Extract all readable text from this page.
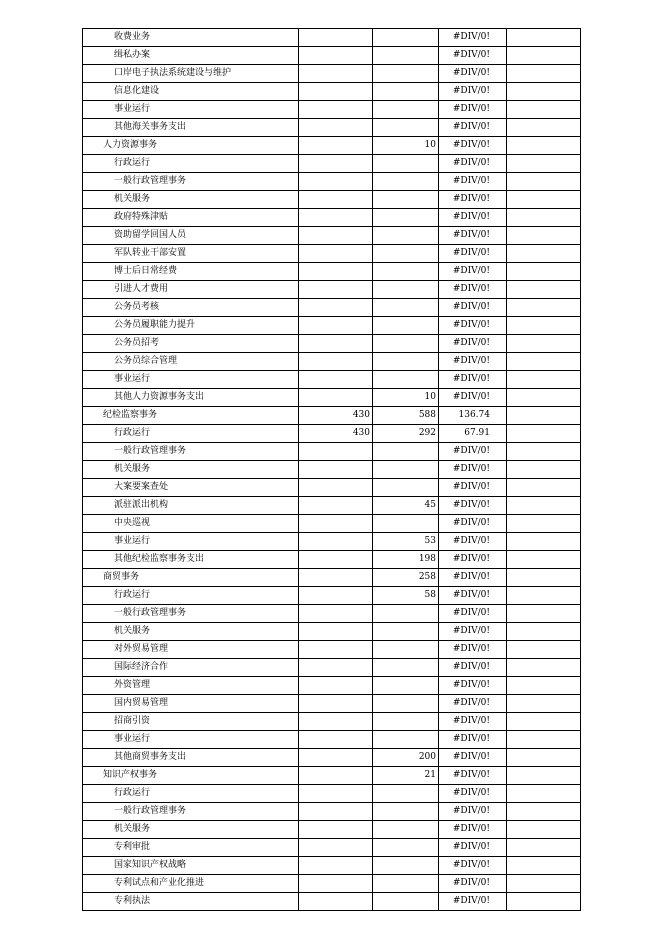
收费业务			#DIV/0!	
缉私办案			#DIV/0!	
口岸电子执法系统建设与维护			#DIV/0!	
信息化建设			#DIV/0!	
事业运行			#DIV/0!	
其他海关事务支出			#DIV/0!	
人力资源事务		10	#DIV/0!	
行政运行			#DIV/0!	
一般行政管理事务			#DIV/0!	
机关服务			#DIV/0!	
政府特殊津贴			#DIV/0!	
资助留学回国人员			#DIV/0!	
军队转业干部安置			#DIV/0!	
博士后日常经费			#DIV/0!	
引进人才费用			#DIV/0!	
公务员考核			#DIV/0!	
公务员履职能力提升			#DIV/0!	
公务员招考			#DIV/0!	
公务员综合管理			#DIV/0!	
事业运行			#DIV/0!	
其他人力资源事务支出		10	#DIV/0!	
纪检监察事务	430	588	136.74	
行政运行	430	292	67.91	
一般行政管理事务			#DIV/0!	
机关服务			#DIV/0!	
大案要案查处			#DIV/0!	
派驻派出机构		45	#DIV/0!	
中央巡视			#DIV/0!	
事业运行		53	#DIV/0!	
其他纪检监察事务支出		198	#DIV/0!	
商贸事务		258	#DIV/0!	
行政运行		58	#DIV/0!	
一般行政管理事务			#DIV/0!	
机关服务			#DIV/0!	
对外贸易管理			#DIV/0!	
国际经济合作			#DIV/0!	
外资管理			#DIV/0!	
国内贸易管理			#DIV/0!	
招商引资			#DIV/0!	
事业运行			#DIV/0!	
其他商贸事务支出		200	#DIV/0!	
知识产权事务		21	#DIV/0!	
行政运行			#DIV/0!	
一般行政管理事务			#DIV/0!	
机关服务			#DIV/0!	
专利审批			#DIV/0!	
国家知识产权战略			#DIV/0!	
专利试点和产业化推进			#DIV/0!	
专利执法			#DIV/0!	
